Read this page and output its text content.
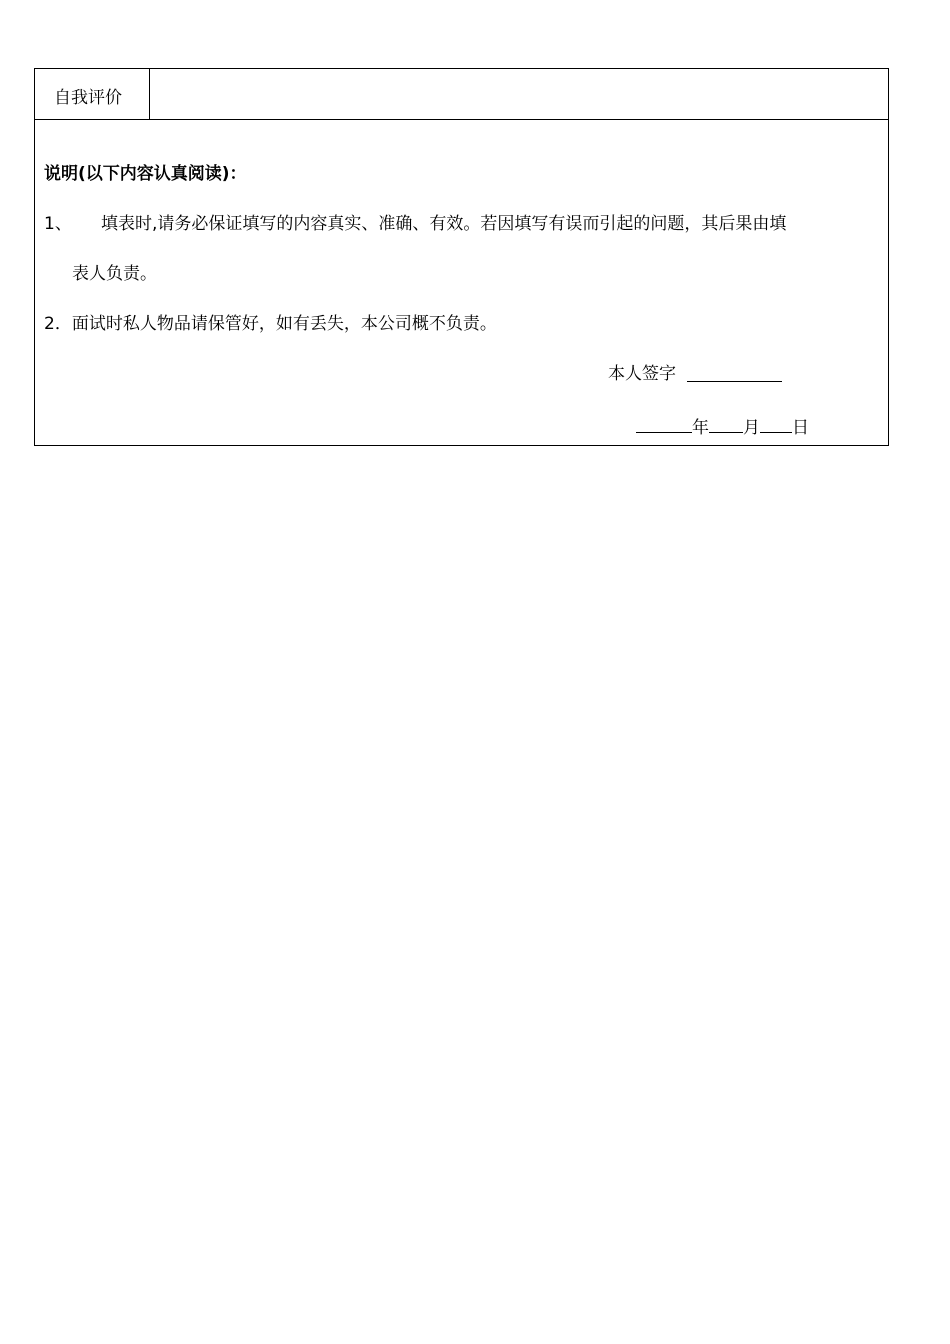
自我评价
说明(以下内容认真阅读)：
1、 填表时,请务必保证填写的内容真实、准确、有效。若因填写有误而引起的问题，其后果由填
表人负责。
2．面试时私人物品请保管好，如有丢失，本公司概不负责。
本人签字
年 月 日
